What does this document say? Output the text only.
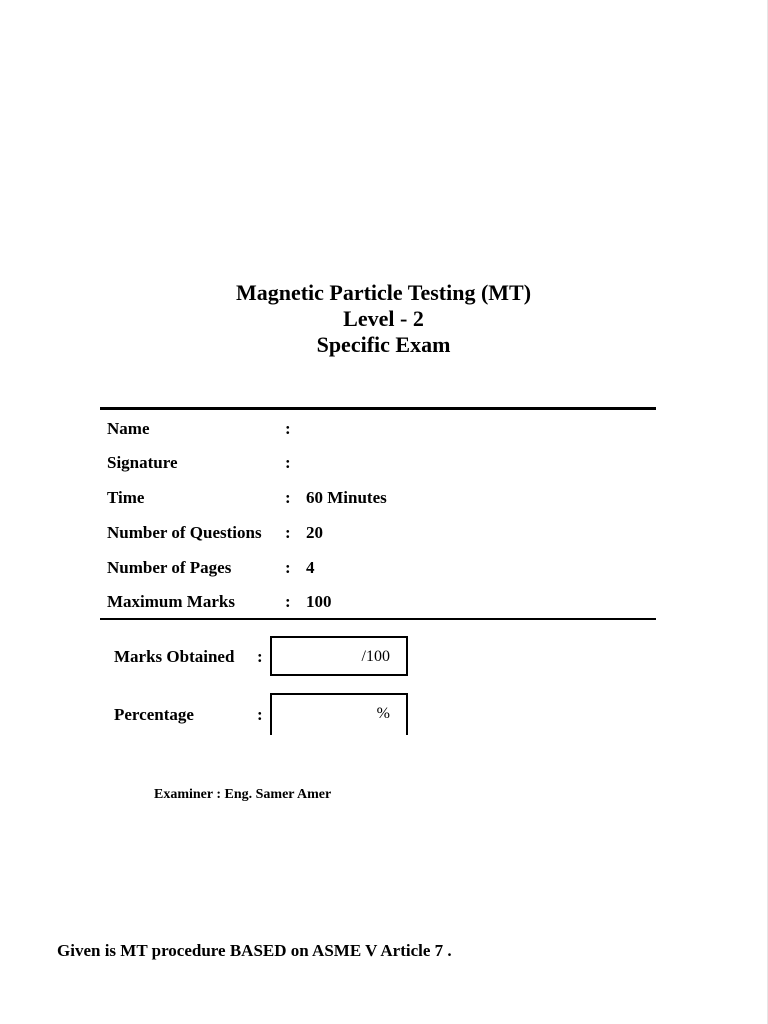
Magnetic Particle Testing (MT)
Level - 2
Specific Exam
Name	:
Signature	:
Time	: 60 Minutes
Number of Questions : 20
Number of Pages	: 4
Maximum Marks	: 100
Marks Obtained :	/100
Percentage	:	%
Examiner : Eng. Samer Amer
Given is MT procedure BASED on ASME V Article 7 .
